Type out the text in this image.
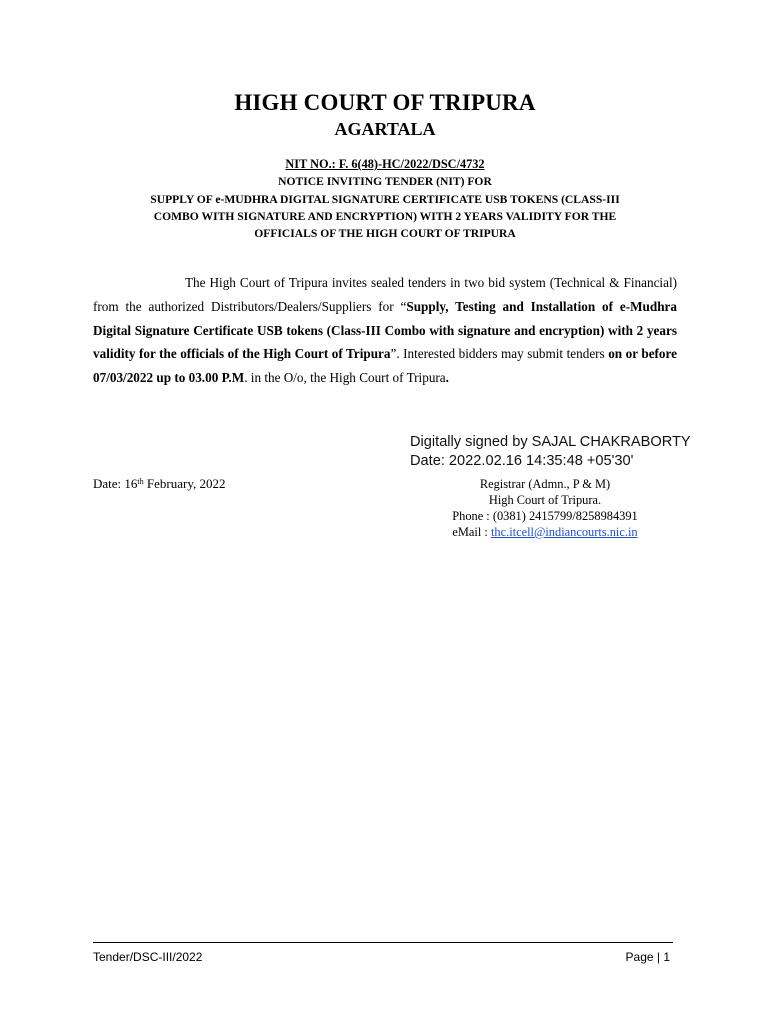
HIGH COURT OF TRIPURA
AGARTALA
NIT NO.: F. 6(48)-HC/2022/DSC/4732
NOTICE INVITING TENDER (NIT) FOR
SUPPLY OF e-MUDHRA DIGITAL SIGNATURE CERTIFICATE USB TOKENS (CLASS-III
COMBO WITH SIGNATURE AND ENCRYPTION) WITH 2 YEARS VALIDITY FOR THE
OFFICIALS OF THE HIGH COURT OF TRIPURA
The High Court of Tripura invites sealed tenders in two bid system (Technical & Financial) from the authorized Distributors/Dealers/Suppliers for “Supply, Testing and Installation of e-Mudhra Digital Signature Certificate USB tokens (Class-III Combo with signature and encryption) with 2 years validity for the officials of the High Court of Tripura”. Interested bidders may submit tenders on or before 07/03/2022 up to 03.00 P.M. in the O/o, the High Court of Tripura.
Digitally signed by SAJAL CHAKRABORTY
Date: 2022.02.16 14:35:48 +05'30'
Date: 16th February, 2022	Registrar (Admn., P & M)
High Court of Tripura.
Phone : (0381) 2415799/8258984391
eMail : thc.itcell@indiancourts.nic.in
Tender/DSC-III/2022	Page | 1
